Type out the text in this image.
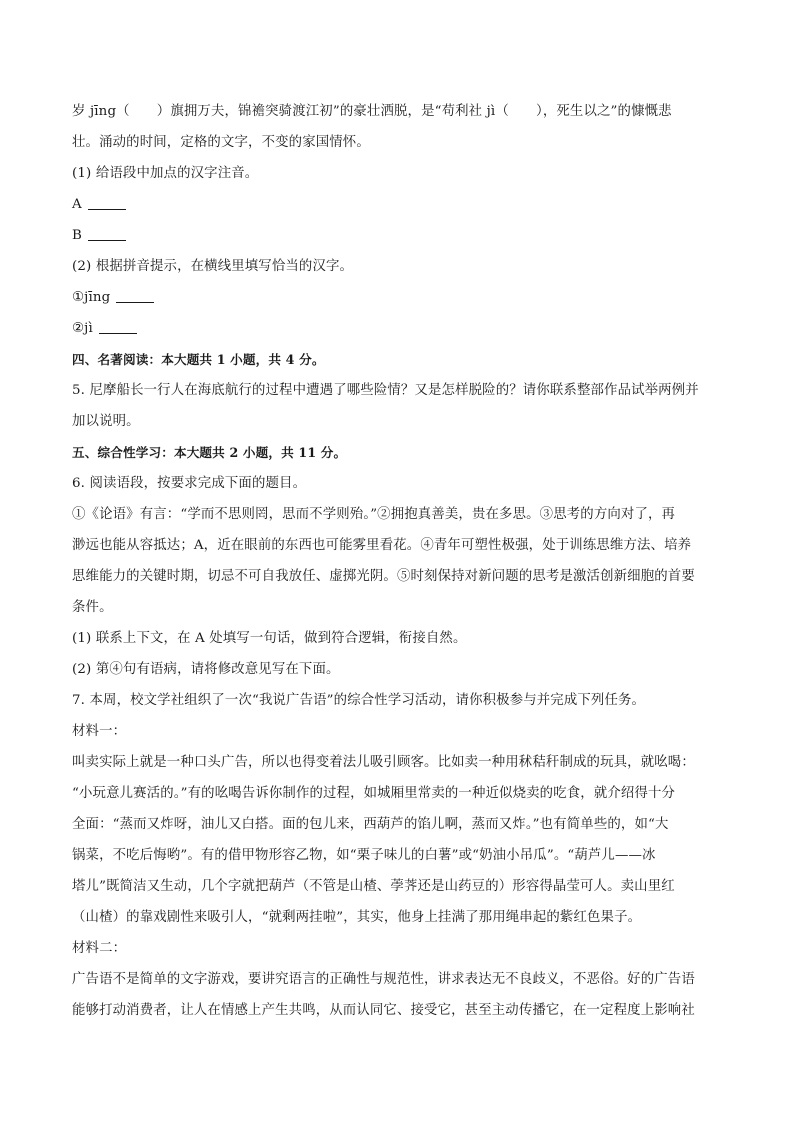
岁 jīng（　　）旗拥万夫，锦襜突骑渡江初”的豪壮洒脱，是“苟利社 jì（　　），死生以之”的慷慨悲
壮。涌动的时间，定格的文字，不变的家国情怀。
(1) 给语段中加点的汉字注音。
A
B
(2) 根据拼音提示，在横线里填写恰当的汉字。
①jīng
②jì
四、名著阅读：本大题共 1 小题，共 4 分。
5. 尼摩船长一行人在海底航行的过程中遭遇了哪些险情？又是怎样脱险的？请你联系整部作品试举两例并
加以说明。
五、综合性学习：本大题共 2 小题，共 11 分。
6. 阅读语段，按要求完成下面的题目。
①《论语》有言：“学而不思则罔，思而不学则殆。”②拥抱真善美，贵在多思。③思考的方向对了，再
渺远也能从容抵达；A，近在眼前的东西也可能雾里看花。④青年可塑性极强，处于训练思维方法、培养
思维能力的关键时期，切忌不可自我放任、虚掷光阴。⑤时刻保持对新问题的思考是激活创新细胞的首要
条件。
(1) 联系上下文，在 A 处填写一句话，做到符合逻辑，衔接自然。
(2) 第④句有语病，请将修改意见写在下面。
7. 本周，校文学社组织了一次“我说广告语”的综合性学习活动，请你积极参与并完成下列任务。
材料一：
叫卖实际上就是一种口头广告，所以也得变着法儿吸引顾客。比如卖一种用秫秸秆制成的玩具，就吆喝：
“小玩意儿赛活的。”有的吆喝告诉你制作的过程，如城厢里常卖的一种近似烧卖的吃食，就介绍得十分
全面：“蒸而又炸呀，油儿又白搭。面的包儿来，西葫芦的馅儿啊，蒸而又炸。”也有简单些的，如“大
锅菜，不吃后悔哟”。有的借甲物形容乙物，如“栗子味儿的白薯”或“奶油小吊瓜”。“葫芦儿——冰
塔儿”既简洁又生动，几个字就把葫芦（不管是山楂、荸荠还是山药豆的）形容得晶莹可人。卖山里红
（山楂）的靠戏剧性来吸引人，“就剩两挂啦”，其实，他身上挂满了那用绳串起的紫红色果子。
材料二：
广告语不是简单的文字游戏，要讲究语言的正确性与规范性，讲求表达无不良歧义，不恶俗。好的广告语
能够打动消费者，让人在情感上产生共鸣，从而认同它、接受它，甚至主动传播它，在一定程度上影响社
